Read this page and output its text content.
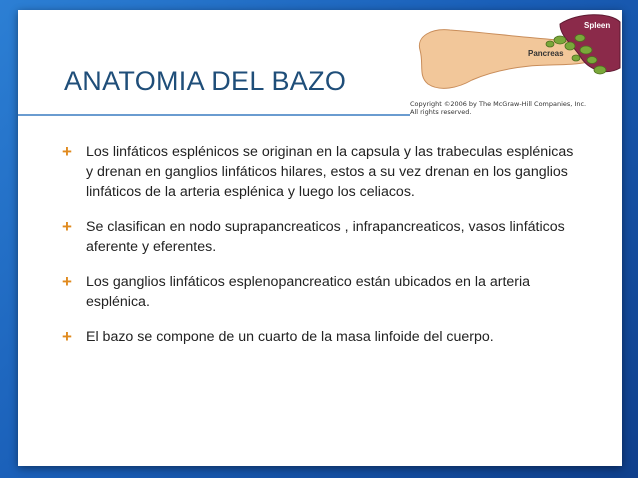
ANATOMIA DEL BAZO
Spleen
Pancreas
Copyright ©2006 by The McGraw-Hill Companies, Inc.
All rights reserved.
+ Los linfáticos esplénicos se originan en la capsula y las trabeculas esplénicas y drenan en ganglios linfáticos hilares, estos a su vez drenan en los ganglios linfáticos de la arteria esplénica y luego los celiacos.
+ Se clasifican en nodo suprapancreaticos , infrapancreaticos, vasos linfáticos aferente y eferentes.
+ Los ganglios linfáticos esplenopancreatico están ubicados en la arteria esplénica.
+ El bazo se compone de un cuarto de la masa linfoide del cuerpo.
